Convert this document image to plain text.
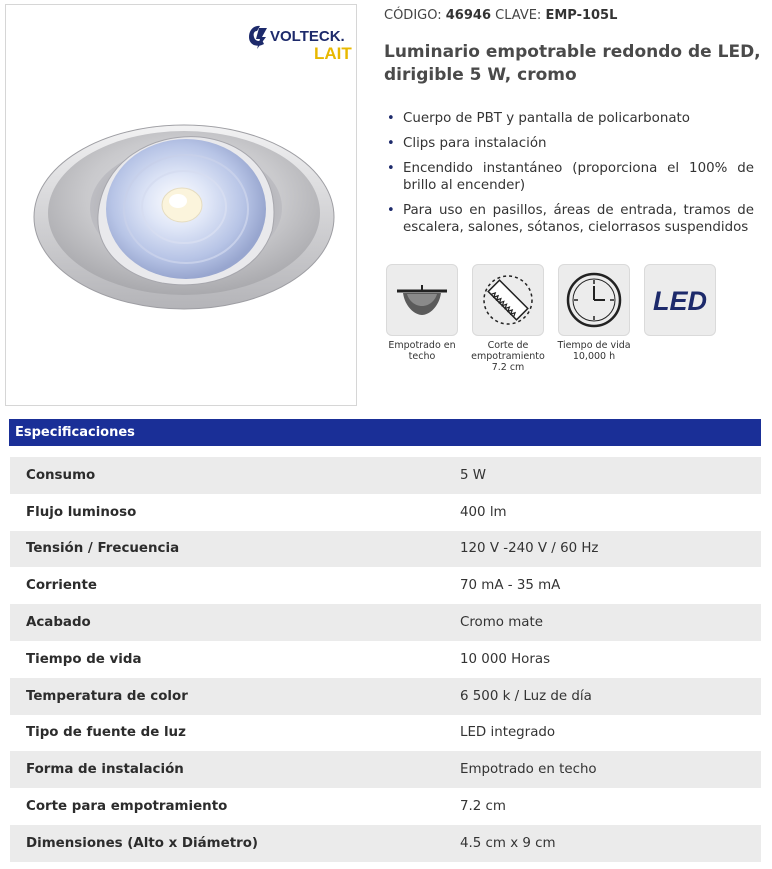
VOLTECK.
LAIT
CÓDIGO: 46946 CLAVE: EMP-105L
Luminario empotrable redondo de LED, dirigible 5 W, cromo
• Cuerpo de PBT y pantalla de policarbonato
• Clips para instalación
• Encendido instantáneo (proporciona el 100% de brillo al encender)
• Para uso en pasillos, áreas de entrada, tramos de escalera, salones, sótanos, cielorrasos suspendidos
Empotrado en techo
Corte de empotramiento 7.2 cm
Tiempo de vida 10,000 h
LED
Especificaciones
Consumo	5 W
Flujo luminoso	400 lm
Tensión / Frecuencia	120 V -240 V / 60 Hz
Corriente	70 mA - 35 mA
Acabado	Cromo mate
Tiempo de vida	10 000 Horas
Temperatura de color	6 500 k / Luz de día
Tipo de fuente de luz	LED integrado
Forma de instalación	Empotrado en techo
Corte para empotramiento	7.2 cm
Dimensiones (Alto x Diámetro)	4.5 cm x 9 cm
